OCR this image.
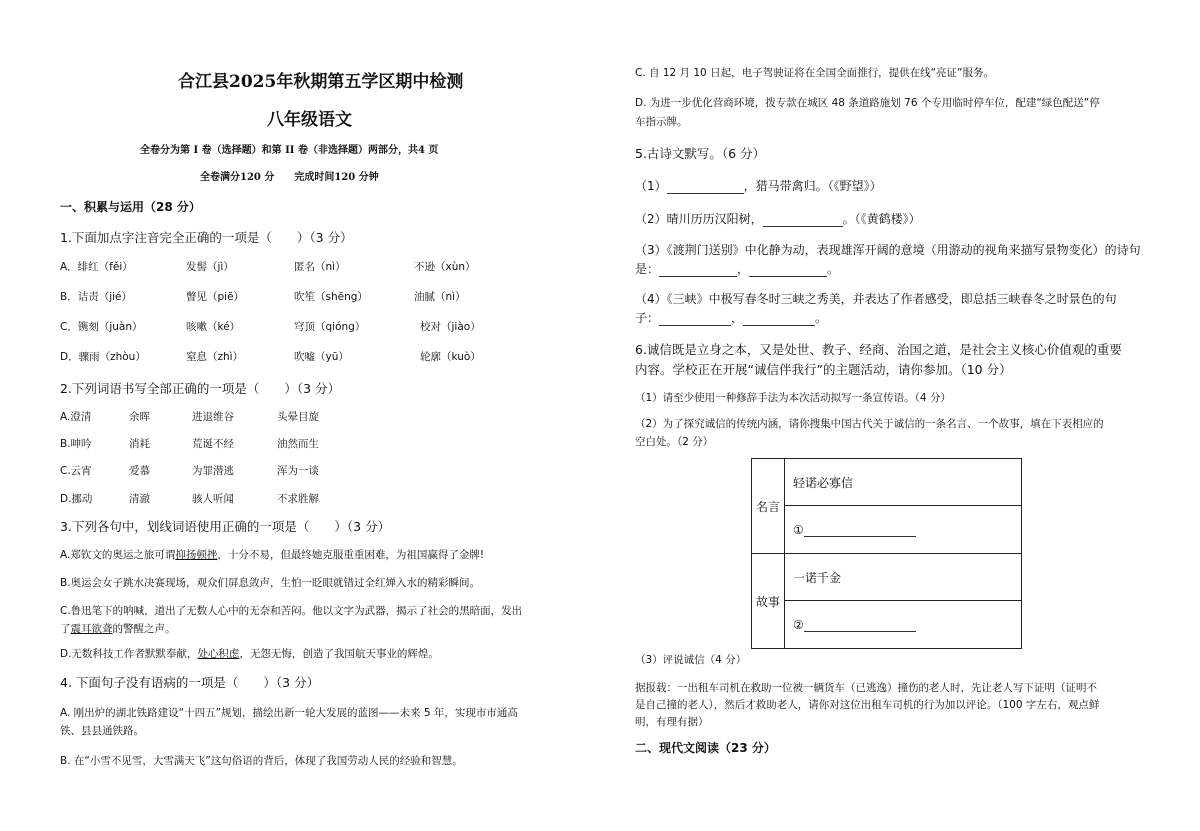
合江县2025年秋期第五学区期中检测
八年级语文
全卷分为第 I 卷（选择题）和第 II 卷（非选择题）两部分，共4 页
全卷满分120 分　　完成时间120 分钟
一、积累与运用（28 分）
1.下面加点字注音完全正确的一项是（　　）（3 分）
A．绯红（fěi）	发髻（jì）	匿名（nì）	不逊（xùn）
B．诘责（jié）	瞥见（piē）	吹笙（shēng）	油腻（nì）
C．镌刻（juàn）	咳嗽（ké）	穹顶（qióng）	校对（jiào）
D．骤雨（zhòu）	窒息（zhì）	吹嘘（yū）	轮廓（kuò）
2.下列词语书写全部正确的一项是（　　）（3 分）
A.澄清	余晖	进退维谷	头晕目旋
B.呻吟	消耗	荒诞不经	油然而生
C.云宵	爱慕	为罪潜逃	浑为一谈
D.挪动	清澈	骇人听闻	不求胜解
3.下列各句中，划线词语使用正确的一项是（　　）（3 分）
A.郑钦文的奥运之旅可谓抑扬顿挫，十分不易，但最终她克服重重困难，为祖国赢得了金牌!
B.奥运会女子跳水决赛现场，观众们屏息敛声，生怕一眨眼就错过全红婵入水的精彩瞬间。
C.鲁迅笔下的呐喊，道出了无数人心中的无奈和苦闷。他以文字为武器，揭示了社会的黑暗面，发出
了震耳欲聋的警醒之声。
D.无数科技工作者默默奉献，处心积虑，无怨无悔，创造了我国航天事业的辉煌。
4. 下面句子没有语病的一项是（　　）（3 分）
A. 刚出炉的湖北铁路建设“十四五”规划，描绘出新一轮大发展的蓝图——未来 5 年，实现市市通高
铁、县县通铁路。
B. 在“小雪不见雪，大雪满天飞”这句俗语的背后，体现了我国劳动人民的经验和智慧。
C. 自 12 月 10 日起，电子驾驶证将在全国全面推行，提供在线“亮证”服务。
D. 为进一步优化营商环境，拨专款在城区 48 条道路施划 76 个专用临时停车位，配建“绿色配送”停
车指示牌。
5.古诗文默写。（6 分）
（1）	，猎马带禽归。（《野望》）
（2）晴川历历汉阳树，	。（《黄鹤楼》）
（3）《渡荆门送别》中化静为动，表现雄浑开阔的意境（用游动的视角来描写景物变化）的诗句
是：	，	。
（4）《三峡》中极写春冬时三峡之秀美，并表达了作者感受，即总括三峡春冬之时景色的句
子：	，	。
6.诚信既是立身之本，又是处世、教子、经商、治国之道，是社会主义核心价值观的重要
内容。学校正在开展“诚信伴我行”的主题活动，请你参加。（10 分）
（1）请至少使用一种修辞手法为本次活动拟写一条宣传语。（4 分）
（2）为了探究诚信的传统内涵，请你搜集中国古代关于诚信的一条名言、一个故事，填在下表相应的
空白处。（2 分）
名言	轻诺必寡信
	①
故事	一诺千金
	②
（3）评说诚信（4 分）
据报载：一出租车司机在救助一位被一辆货车（已逃逸）撞伤的老人时，先让老人写下证明（证明不
是自己撞的老人），然后才救助老人，请你对这位出租车司机的行为加以评论。（100 字左右，观点鲜
明，有理有据）
二、现代文阅读（23 分）
